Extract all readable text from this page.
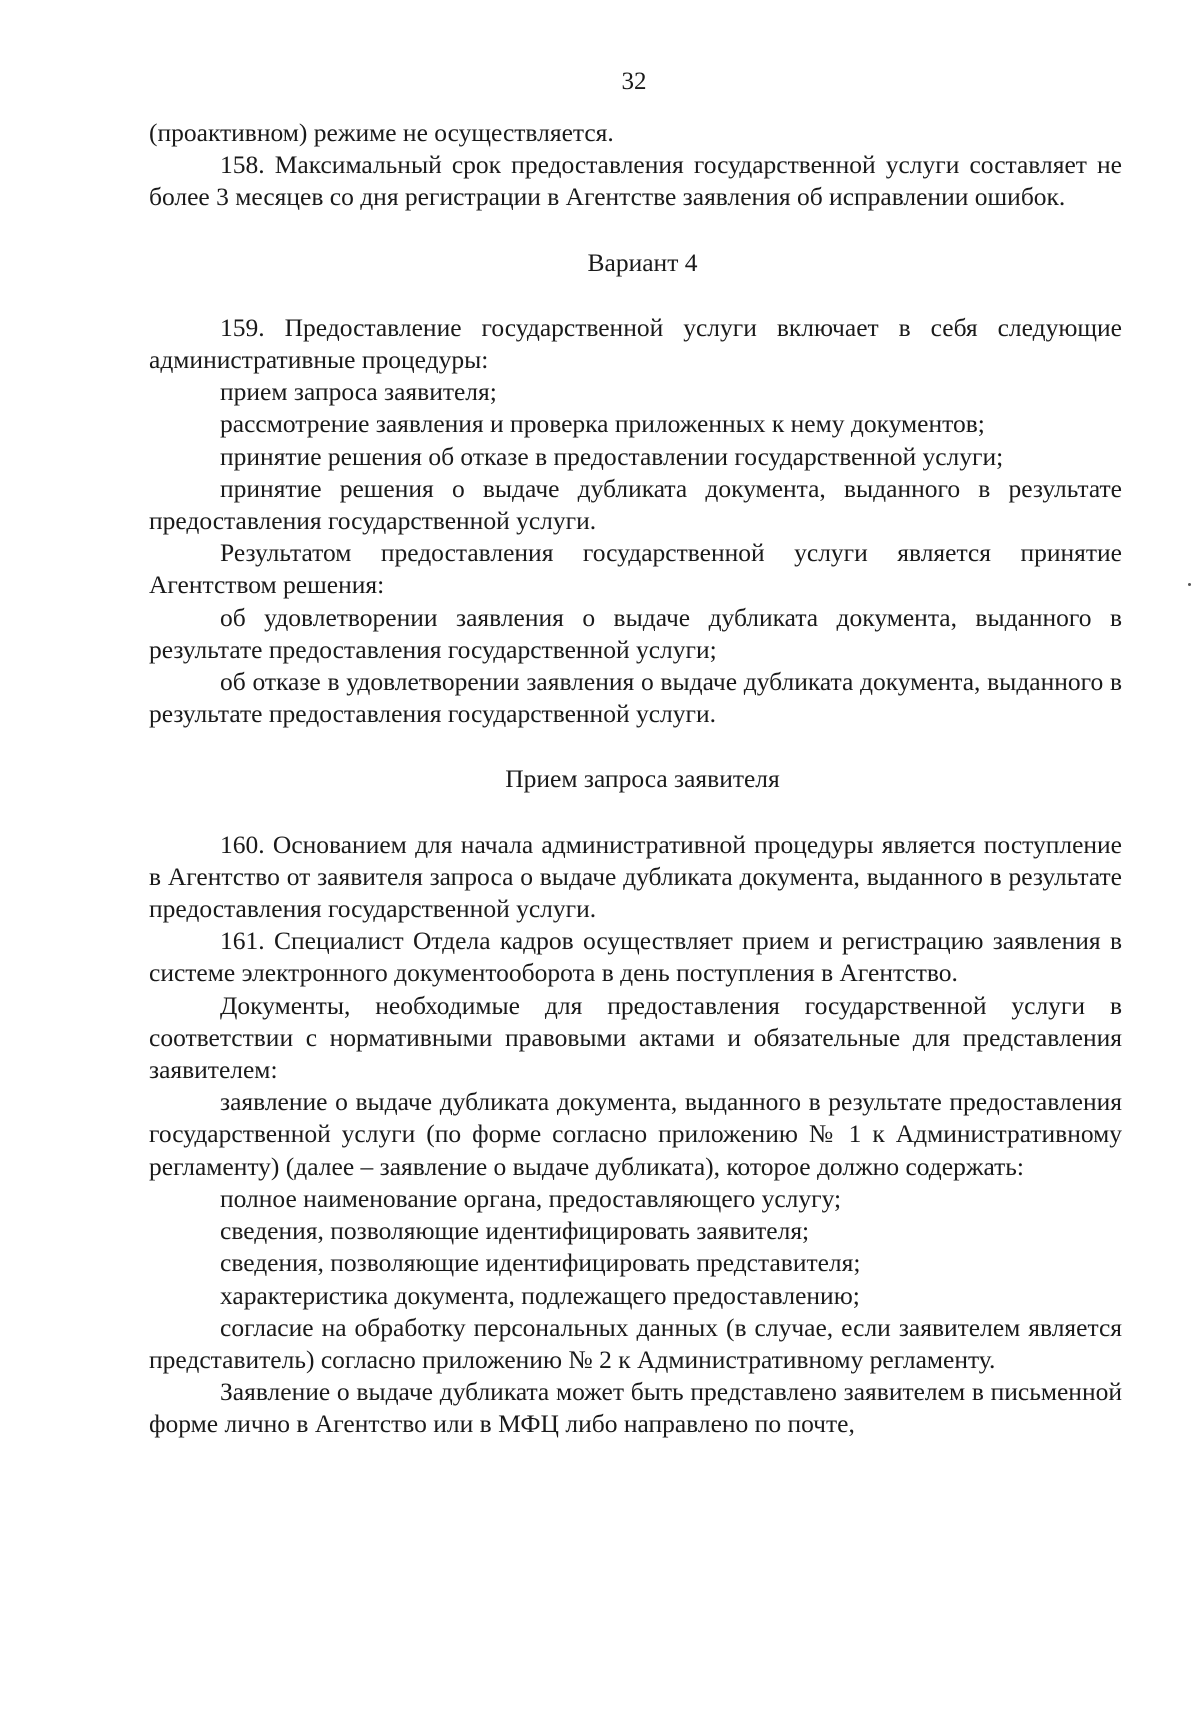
32

(проактивном) режиме не осуществляется.

158. Максимальный срок предоставления государственной услуги составляет не более 3 месяцев со дня регистрации в Агентстве заявления об исправлении ошибок.

Вариант 4

159. Предоставление государственной услуги включает в себя следующие административные процедуры:

прием запроса заявителя;

рассмотрение заявления и проверка приложенных к нему документов;

принятие решения об отказе в предоставлении государственной услуги;

принятие решения о выдаче дубликата документа, выданного в результате предоставления государственной услуги.

Результатом предоставления государственной услуги является принятие Агентством решения:

об удовлетворении заявления о выдаче дубликата документа, выданного в результате предоставления государственной услуги;

об отказе в удовлетворении заявления о выдаче дубликата документа, выданного в результате предоставления государственной услуги.

Прием запроса заявителя

160. Основанием для начала административной процедуры является поступление в Агентство от заявителя запроса о выдаче дубликата документа, выданного в результате предоставления государственной услуги.

161. Специалист Отдела кадров осуществляет прием и регистрацию заявления в системе электронного документооборота в день поступления в Агентство.

Документы, необходимые для предоставления государственной услуги в соответствии с нормативными правовыми актами и обязательные для представления заявителем:

заявление о выдаче дубликата документа, выданного в результате предоставления государственной услуги (по форме согласно приложению № 1 к Административному регламенту) (далее – заявление о выдаче дубликата), которое должно содержать:

полное наименование органа, предоставляющего услугу;

сведения, позволяющие идентифицировать заявителя;

сведения, позволяющие идентифицировать представителя;

характеристика документа, подлежащего предоставлению;

согласие на обработку персональных данных (в случае, если заявителем является представитель) согласно приложению № 2 к Административному регламенту.

Заявление о выдаче дубликата может быть представлено заявителем в письменной форме лично в Агентство или в МФЦ либо направлено по почте,
